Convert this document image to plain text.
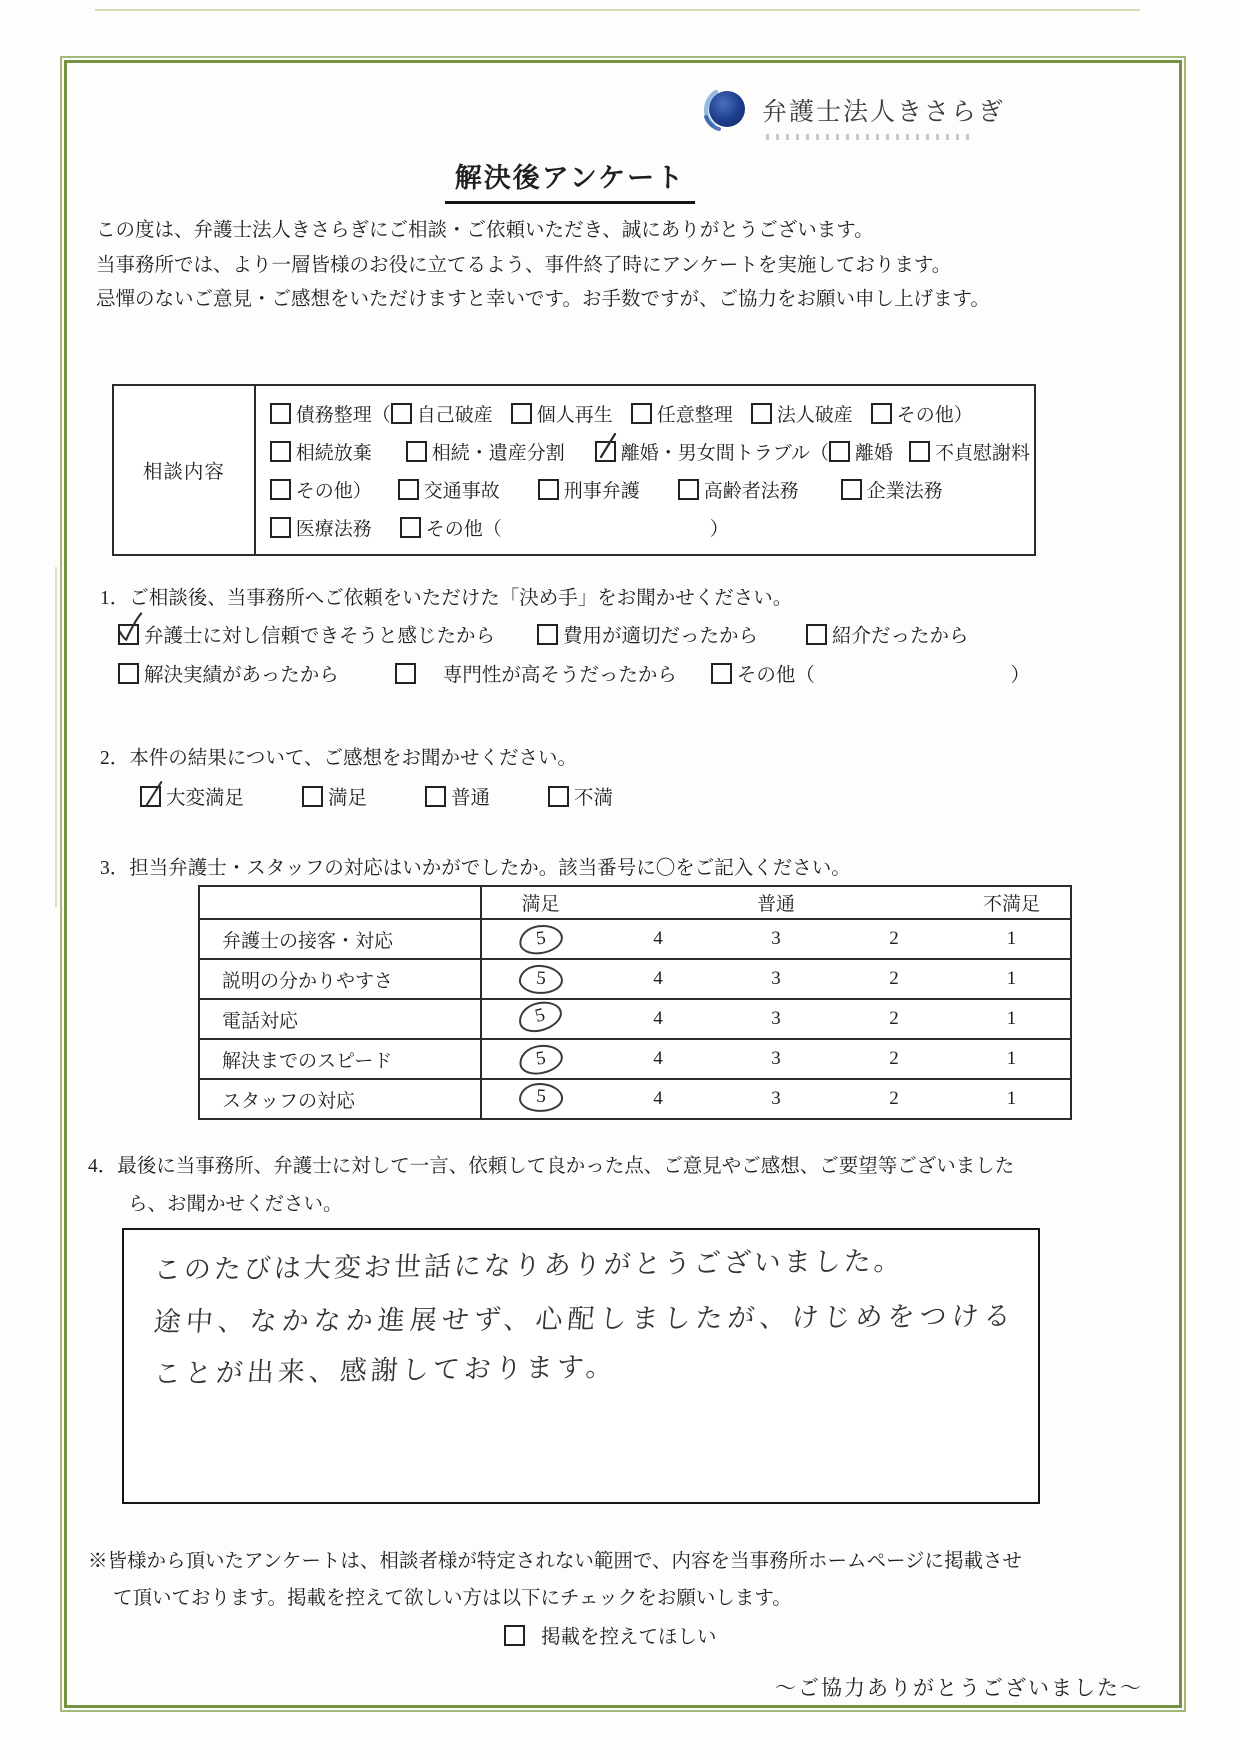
弁護士法人きさらぎ
解決後アンケート
この度は、弁護士法人きさらぎにご相談・ご依頼いただき、誠にありがとうございます。
当事務所では、より一層皆様のお役に立てるよう、事件終了時にアンケートを実施しております。
忌憚のないご意見・ご感想をいただけますと幸いです。お手数ですが、ご協力をお願い申し上げます。
相談内容
債務整理（ 自己破産 個人再生 任意整理 法人破産 その他）
相続放棄	相続・遺産分割	離婚・男女間トラブル（ 離婚 不貞慰謝料
その他）	交通事故	刑事弁護	高齢者法務	企業法務
医療法務	その他（	）
1．ご相談後、当事務所へご依頼をいただけた「決め手」をお聞かせください。
弁護士に対し信頼できそうと感じたから	費用が適切だったから	紹介だったから
解決実績があったから	専門性が高そうだったから	その他（	）
2．本件の結果について、ご感想をお聞かせください。
大変満足	満足	普通	不満
3．担当弁護士・スタッフの対応はいかがでしたか。該当番号に〇をご記入ください。
	満足		普通		不満足
弁護士の接客・対応	5	4	3	2	1
説明の分かりやすさ	5	4	3	2	1
電話対応	5	4	3	2	1
解決までのスピード	5	4	3	2	1
スタッフの対応	5	4	3	2	1
4．最後に当事務所、弁護士に対して一言、依頼して良かった点、ご意見やご感想、ご要望等ございました
ら、お聞かせください。
このたびは大変お世話になりありがとうございました。
途中、なかなか進展せず、心配しましたが、けじめをつける
ことが出来、感謝しております。
※皆様から頂いたアンケートは、相談者様が特定されない範囲で、内容を当事務所ホームページに掲載させ
て頂いております。掲載を控えて欲しい方は以下にチェックをお願いします。
掲載を控えてほしい
〜ご協力ありがとうございました〜
